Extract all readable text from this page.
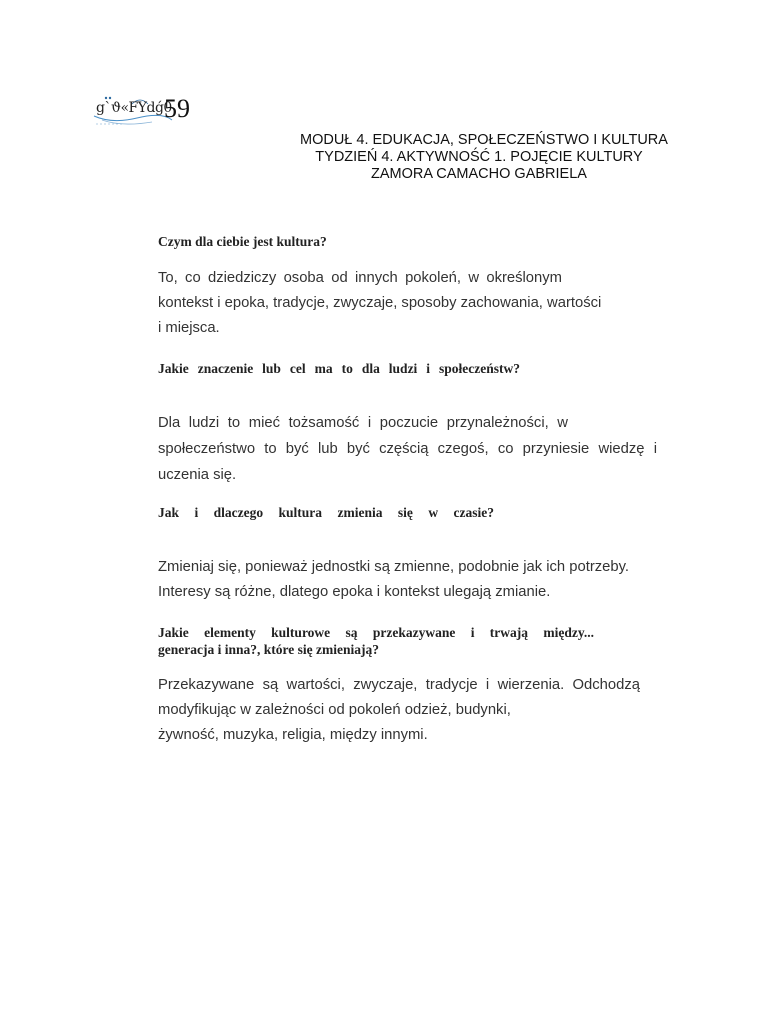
g`ϑ«FYdǵ0
59
MODUŁ 4. EDUKACJA, SPOŁECZEŃSTWO I KULTURA
TYDZIEŃ 4. AKTYWNOŚĆ 1. POJĘCIE KULTURY
ZAMORA CAMACHO GABRIELA
Czym dla ciebie jest kultura?
To, co dziedziczy osoba od innych pokoleń, w określonym
kontekst i epoka, tradycje, zwyczaje, sposoby zachowania, wartości
i miejsca.
Jakie znaczenie lub cel ma to dla ludzi i społeczeństw?
Dla ludzi to mieć tożsamość i poczucie przynależności, w
społeczeństwo to być lub być częścią czegoś, co przyniesie wiedzę i
uczenia się.
Jak i dlaczego kultura zmienia się w czasie?
Zmieniaj się, ponieważ jednostki są zmienne, podobnie jak ich potrzeby.
Interesy są różne, dlatego epoka i kontekst ulegają zmianie.
Jakie elementy kulturowe są przekazywane i trwają między...
generacja i inna?, które się zmieniają?
Przekazywane są wartości, zwyczaje, tradycje i wierzenia. Odchodzą
modyfikując w zależności od pokoleń odzież, budynki,
żywność, muzyka, religia, między innymi.
